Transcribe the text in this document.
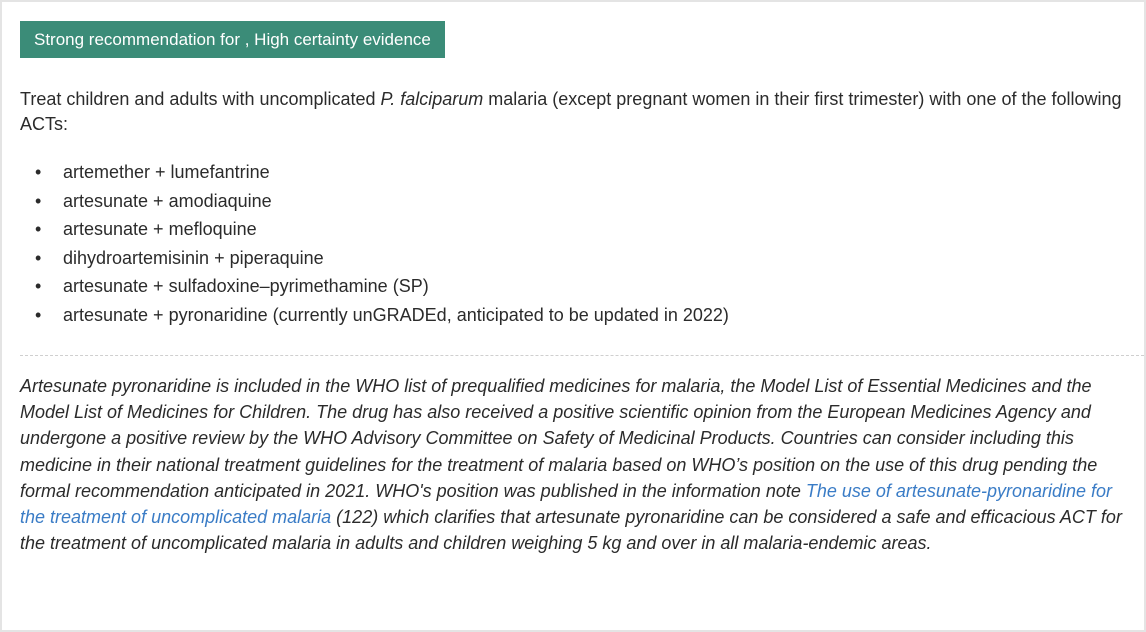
Strong recommendation for , High certainty evidence

Treat children and adults with uncomplicated P. falciparum malaria (except pregnant women in their first trimester) with one of the following ACTs:

• artemether + lumefantrine
• artesunate + amodiaquine
• artesunate + mefloquine
• dihydroartemisinin + piperaquine
• artesunate + sulfadoxine–pyrimethamine (SP)
• artesunate + pyronaridine (currently unGRADEd, anticipated to be updated in 2022)

Artesunate pyronaridine is included in the WHO list of prequalified medicines for malaria, the Model List of Essential Medicines and the Model List of Medicines for Children. The drug has also received a positive scientific opinion from the European Medicines Agency and undergone a positive review by the WHO Advisory Committee on Safety of Medicinal Products. Countries can consider including this medicine in their national treatment guidelines for the treatment of malaria based on WHO’s position on the use of this drug pending the formal recommendation anticipated in 2021. WHO's position was published in the information note The use of artesunate-pyronaridine for the treatment of uncomplicated malaria (122) which clarifies that artesunate pyronaridine can be considered a safe and efficacious ACT for the treatment of uncomplicated malaria in adults and children weighing 5 kg and over in all malaria-endemic areas.
